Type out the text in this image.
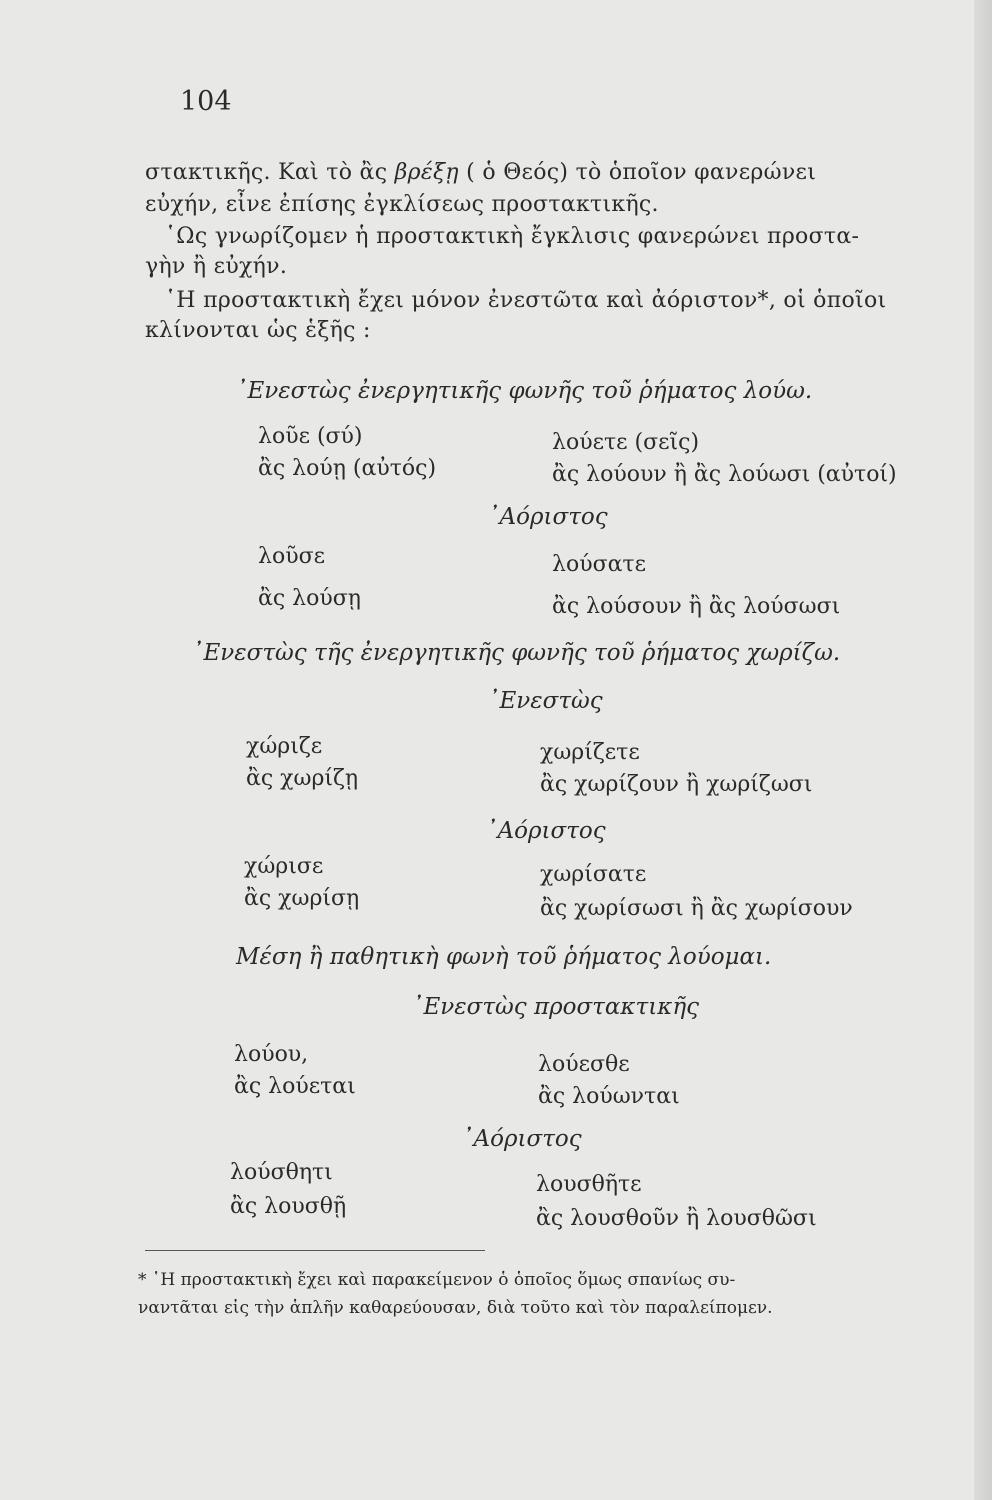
104
στακτικῆς. Καὶ τὸ ἂς βρέξῃ ( ὁ Θεός) τὸ ὁποῖον φανερώνει
εὐχήν, εἶνε ἐπίσης ἐγκλίσεως προστακτικῆς.
῾Ως γνωρίζομεν ἡ προστακτικὴ ἔγκλισις φανερώνει προστα-
γὴν ἢ εὐχήν.
῾Η προστακτικὴ ἔχει μόνον ἐνεστῶτα καὶ ἀόριστον*, οἱ ὁποῖοι
κλίνονται ὡς ἑξῆς :
᾿Ενεστὼς ἐνεργητικῆς φωνῆς τοῦ ῥήματος λούω.
λοῦε (σύ)
ἂς λούῃ (αὐτός)
λούετε (σεῖς)
ἂς λούουν ἢ ἂς λούωσι (αὐτοί)
᾿Αόριστος
λοῦσε
ἂς λούσῃ
λούσατε
ἂς λούσουν ἢ ἂς λούσωσι
᾿Ενεστὼς τῆς ἐνεργητικῆς φωνῆς τοῦ ῥήματος χωρίζω.
᾿Ενεστὼς
χώριζε
ἂς χωρίζῃ
χωρίζετε
ἂς χωρίζουν ἢ χωρίζωσι
᾿Αόριστος
χώρισε
ἂς χωρίσῃ
χωρίσατε
ἂς χωρίσωσι ἢ ἂς χωρίσουν
Μέση ἢ παθητικὴ φωνὴ τοῦ ῥήματος λούομαι.
᾿Ενεστὼς προστακτικῆς
λούου,
ἂς λούεται
λούεσθε
ἂς λούωνται
᾿Αόριστος
λούσθητι
ἂς λουσθῇ
λουσθῆτε
ἂς λουσθοῦν ἢ λουσθῶσι
* ῾Η προστακτικὴ ἔχει καὶ παρακείμενον ὁ ὁποῖος ὅμως σπανίως συ-
ναντᾶται εἰς τὴν ἁπλῆν καθαρεύουσαν, διὰ τοῦτο καὶ τὸν παραλείπομεν.
